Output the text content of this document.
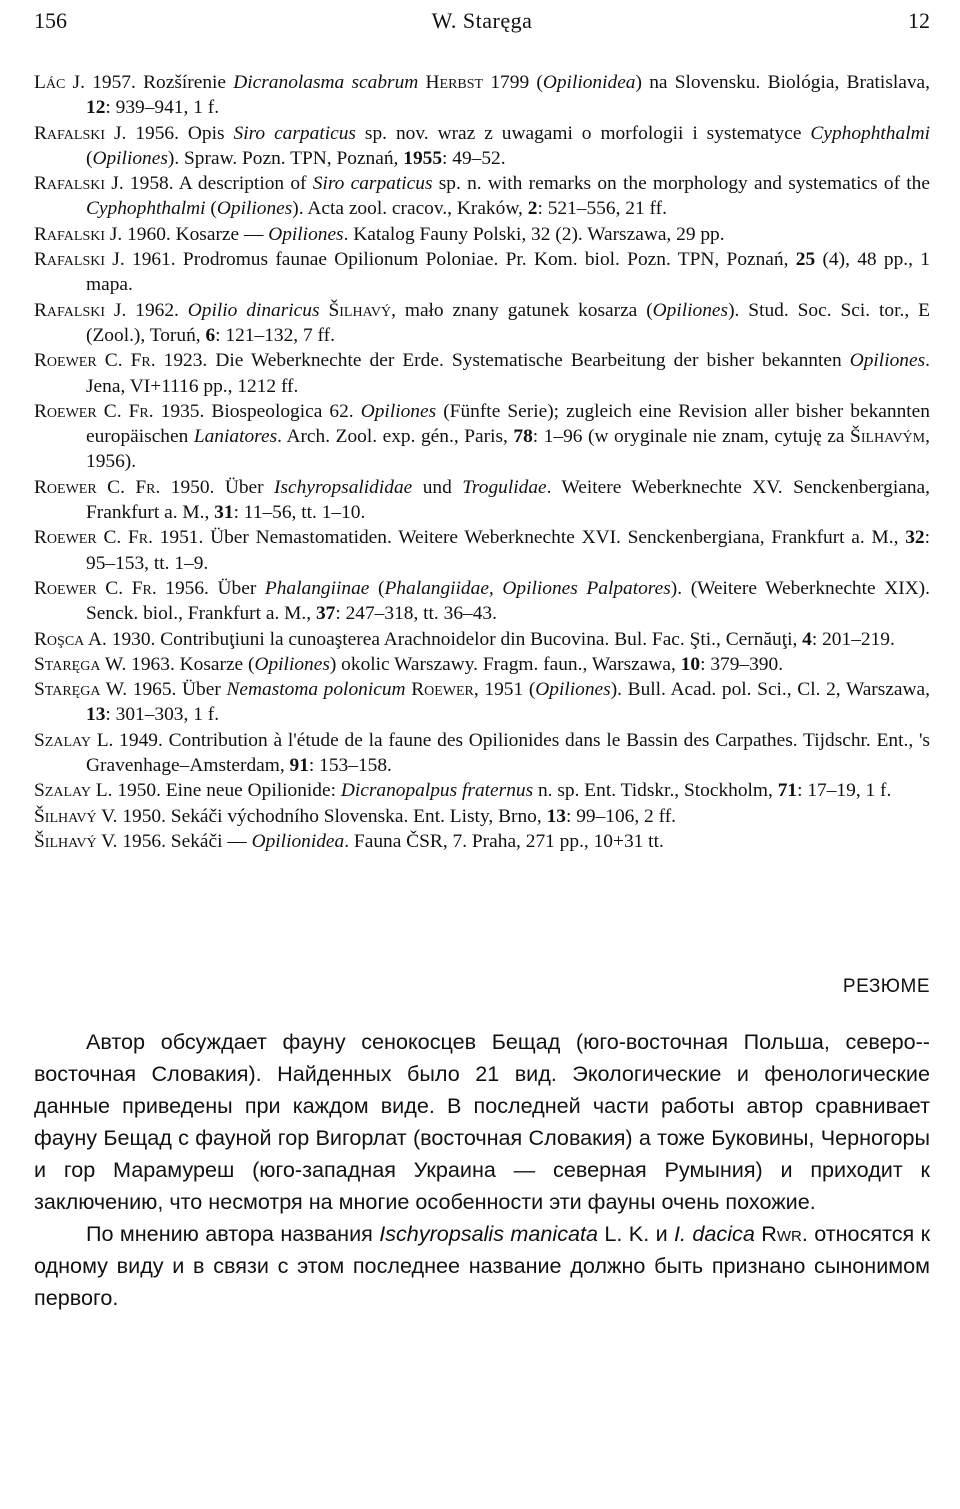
156	W. Staręga	12

Lác J. 1957. Rozšírenie Dicranolasma scabrum Herbst 1799 (Opilionidea) na Slovensku. Biológia, Bratislava, 12: 939–941, 1 f.

Rafalski J. 1956. Opis Siro carpaticus sp. nov. wraz z uwagami o morfologii i systematyce Cyphophthalmi (Opiliones). Spraw. Pozn. TPN, Poznań, 1955: 49–52.

Rafalski J. 1958. A description of Siro carpaticus sp. n. with remarks on the morphology and systematics of the Cyphophthalmi (Opiliones). Acta zool. cracov., Kraków, 2: 521–556, 21 ff.

Rafalski J. 1960. Kosarze — Opiliones. Katalog Fauny Polski, 32 (2). Warszawa, 29 pp.

Rafalski J. 1961. Prodromus faunae Opilionum Poloniae. Pr. Kom. biol. Pozn. TPN, Poznań, 25 (4), 48 pp., 1 mapa.

Rafalski J. 1962. Opilio dinaricus Šilhavý, mało znany gatunek kosarza (Opiliones). Stud. Soc. Sci. tor., E (Zool.), Toruń, 6: 121–132, 7 ff.

Roewer C. Fr. 1923. Die Weberknechte der Erde. Systematische Bearbeitung der bisher bekannten Opiliones. Jena, VI+1116 pp., 1212 ff.

Roewer C. Fr. 1935. Biospeologica 62. Opiliones (Fünfte Serie); zugleich eine Revision aller bisher bekannten europäischen Laniatores. Arch. Zool. exp. gén., Paris, 78: 1–96 (w oryginale nie znam, cytuję za Šilhavým, 1956).

Roewer C. Fr. 1950. Über Ischyropsalididae und Trogulidae. Weitere Weberknechte XV. Senckenbergiana, Frankfurt a. M., 31: 11–56, tt. 1–10.

Roewer C. Fr. 1951. Über Nemastomatiden. Weitere Weberknechte XVI. Senckenbergiana, Frankfurt a. M., 32: 95–153, tt. 1–9.

Roewer C. Fr. 1956. Über Phalangiinae (Phalangiidae, Opiliones Palpatores). (Weitere Weberknechte XIX). Senck. biol., Frankfurt a. M., 37: 247–318, tt. 36–43.

Roşca A. 1930. Contribuţiuni la cunoaşterea Arachnoidelor din Bucovina. Bul. Fac. Şti., Cernăuţi, 4: 201–219.

Staręga W. 1963. Kosarze (Opiliones) okolic Warszawy. Fragm. faun., Warszawa, 10: 379–390.

Staręga W. 1965. Über Nemastoma polonicum Roewer, 1951 (Opiliones). Bull. Acad. pol. Sci., Cl. 2, Warszawa, 13: 301–303, 1 f.

Szalay L. 1949. Contribution à l'étude de la faune des Opilionides dans le Bassin des Carpathes. Tijdschr. Ent., 's Gravenhage–Amsterdam, 91: 153–158.

Szalay L. 1950. Eine neue Opilionide: Dicranopalpus fraternus n. sp. Ent. Tidskr., Stockholm, 71: 17–19, 1 f.

Šilhavý V. 1950. Sekáči východního Slovenska. Ent. Listy, Brno, 13: 99–106, 2 ff.

Šilhavý V. 1956. Sekáči — Opilionidea. Fauna ČSR, 7. Praha, 271 pp., 10+31 tt.

РЕЗЮМЕ

Автор обсуждает фауну сенокосцев Бещад (юго-восточная Польша, северо--восточная Словакия). Найденных было 21 вид. Экологические и фенологические данные приведены при каждом виде. В последней части работы автор сравнивает фауну Бещад с фауной гор Вигорлат (восточная Словакия) а тоже Буковины, Черногоры и гор Марамуреш (юго-западная Украина — северная Румыния) и приходит к заключению, что несмотря на многие особенности эти фауны очень похожие.

По мнению автора названия Ischyropsalis manicata L. K. и I. dacica Rwr. относятся к одному виду и в связи с этом последнее название должно быть признано сынонимом первого.
